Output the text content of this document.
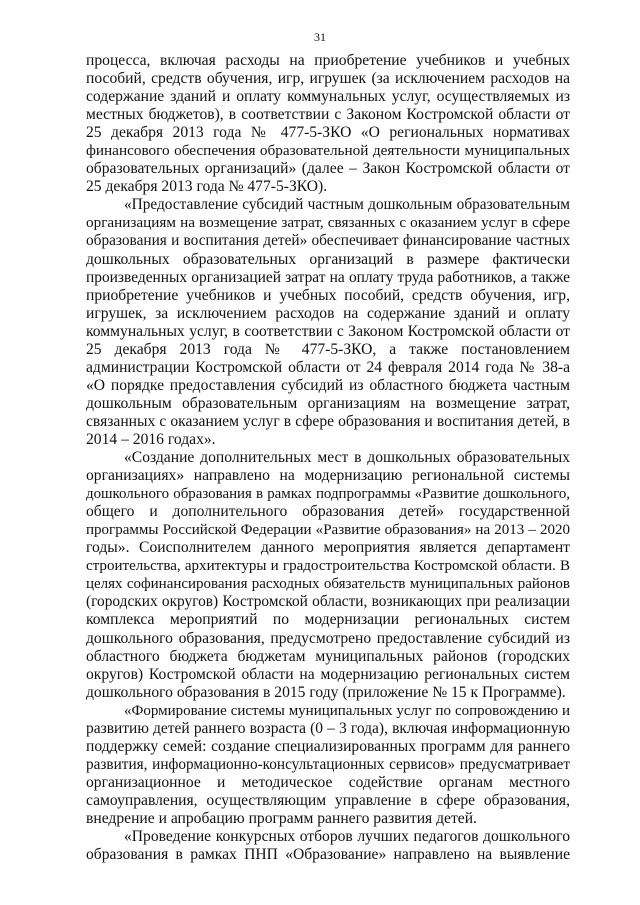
31
процесса, включая расходы на приобретение учебников и учебных
пособий, средств обучения, игр, игрушек (за исключением расходов на
содержание зданий и оплату коммунальных услуг, осуществляемых из
местных бюджетов), в соответствии с Законом Костромской области от
25 декабря 2013 года № 477-5-ЗКО «О региональных нормативах
финансового обеспечения образовательной деятельности муниципальных
образовательных организаций» (далее – Закон Костромской области от
25 декабря 2013 года № 477-5-ЗКО).
«Предоставление субсидий частным дошкольным образовательным
организациям на возмещение затрат, связанных с оказанием услуг в сфере
образования и воспитания детей» обеспечивает финансирование частных
дошкольных образовательных организаций в размере фактически
произведенных организацией затрат на оплату труда работников, а также
приобретение учебников и учебных пособий, средств обучения, игр,
игрушек, за исключением расходов на содержание зданий и оплату
коммунальных услуг, в соответствии с Законом Костромской области от
25 декабря 2013 года № 477-5-ЗКО, а также постановлением
администрации Костромской области от 24 февраля 2014 года № 38-а
«О порядке предоставления субсидий из областного бюджета частным
дошкольным образовательным организациям на возмещение затрат,
связанных с оказанием услуг в сфере образования и воспитания детей, в
2014 – 2016 годах».
«Создание дополнительных мест в дошкольных образовательных
организациях» направлено на модернизацию региональной системы
дошкольного образования в рамках подпрограммы «Развитие дошкольного,
общего и дополнительного образования детей» государственной
программы Российской Федерации «Развитие образования» на 2013 – 2020
годы». Соисполнителем данного мероприятия является департамент
строительства, архитектуры и градостроительства Костромской области. В
целях софинансирования расходных обязательств муниципальных районов
(городских округов) Костромской области, возникающих при реализации
комплекса мероприятий по модернизации региональных систем
дошкольного образования, предусмотрено предоставление субсидий из
областного бюджета бюджетам муниципальных районов (городских
округов) Костромской области на модернизацию региональных систем
дошкольного образования в 2015 году (приложение № 15 к Программе).
«Формирование системы муниципальных услуг по сопровождению и
развитию детей раннего возраста (0 – 3 года), включая информационную
поддержку семей: создание специализированных программ для раннего
развития, информационно-консультационных сервисов» предусматривает
организационное и методическое содействие органам местного
самоуправления, осуществляющим управление в сфере образования,
внедрение и апробацию программ раннего развития детей.
«Проведение конкурсных отборов лучших педагогов дошкольного
образования в рамках ПНП «Образование» направлено на выявление
